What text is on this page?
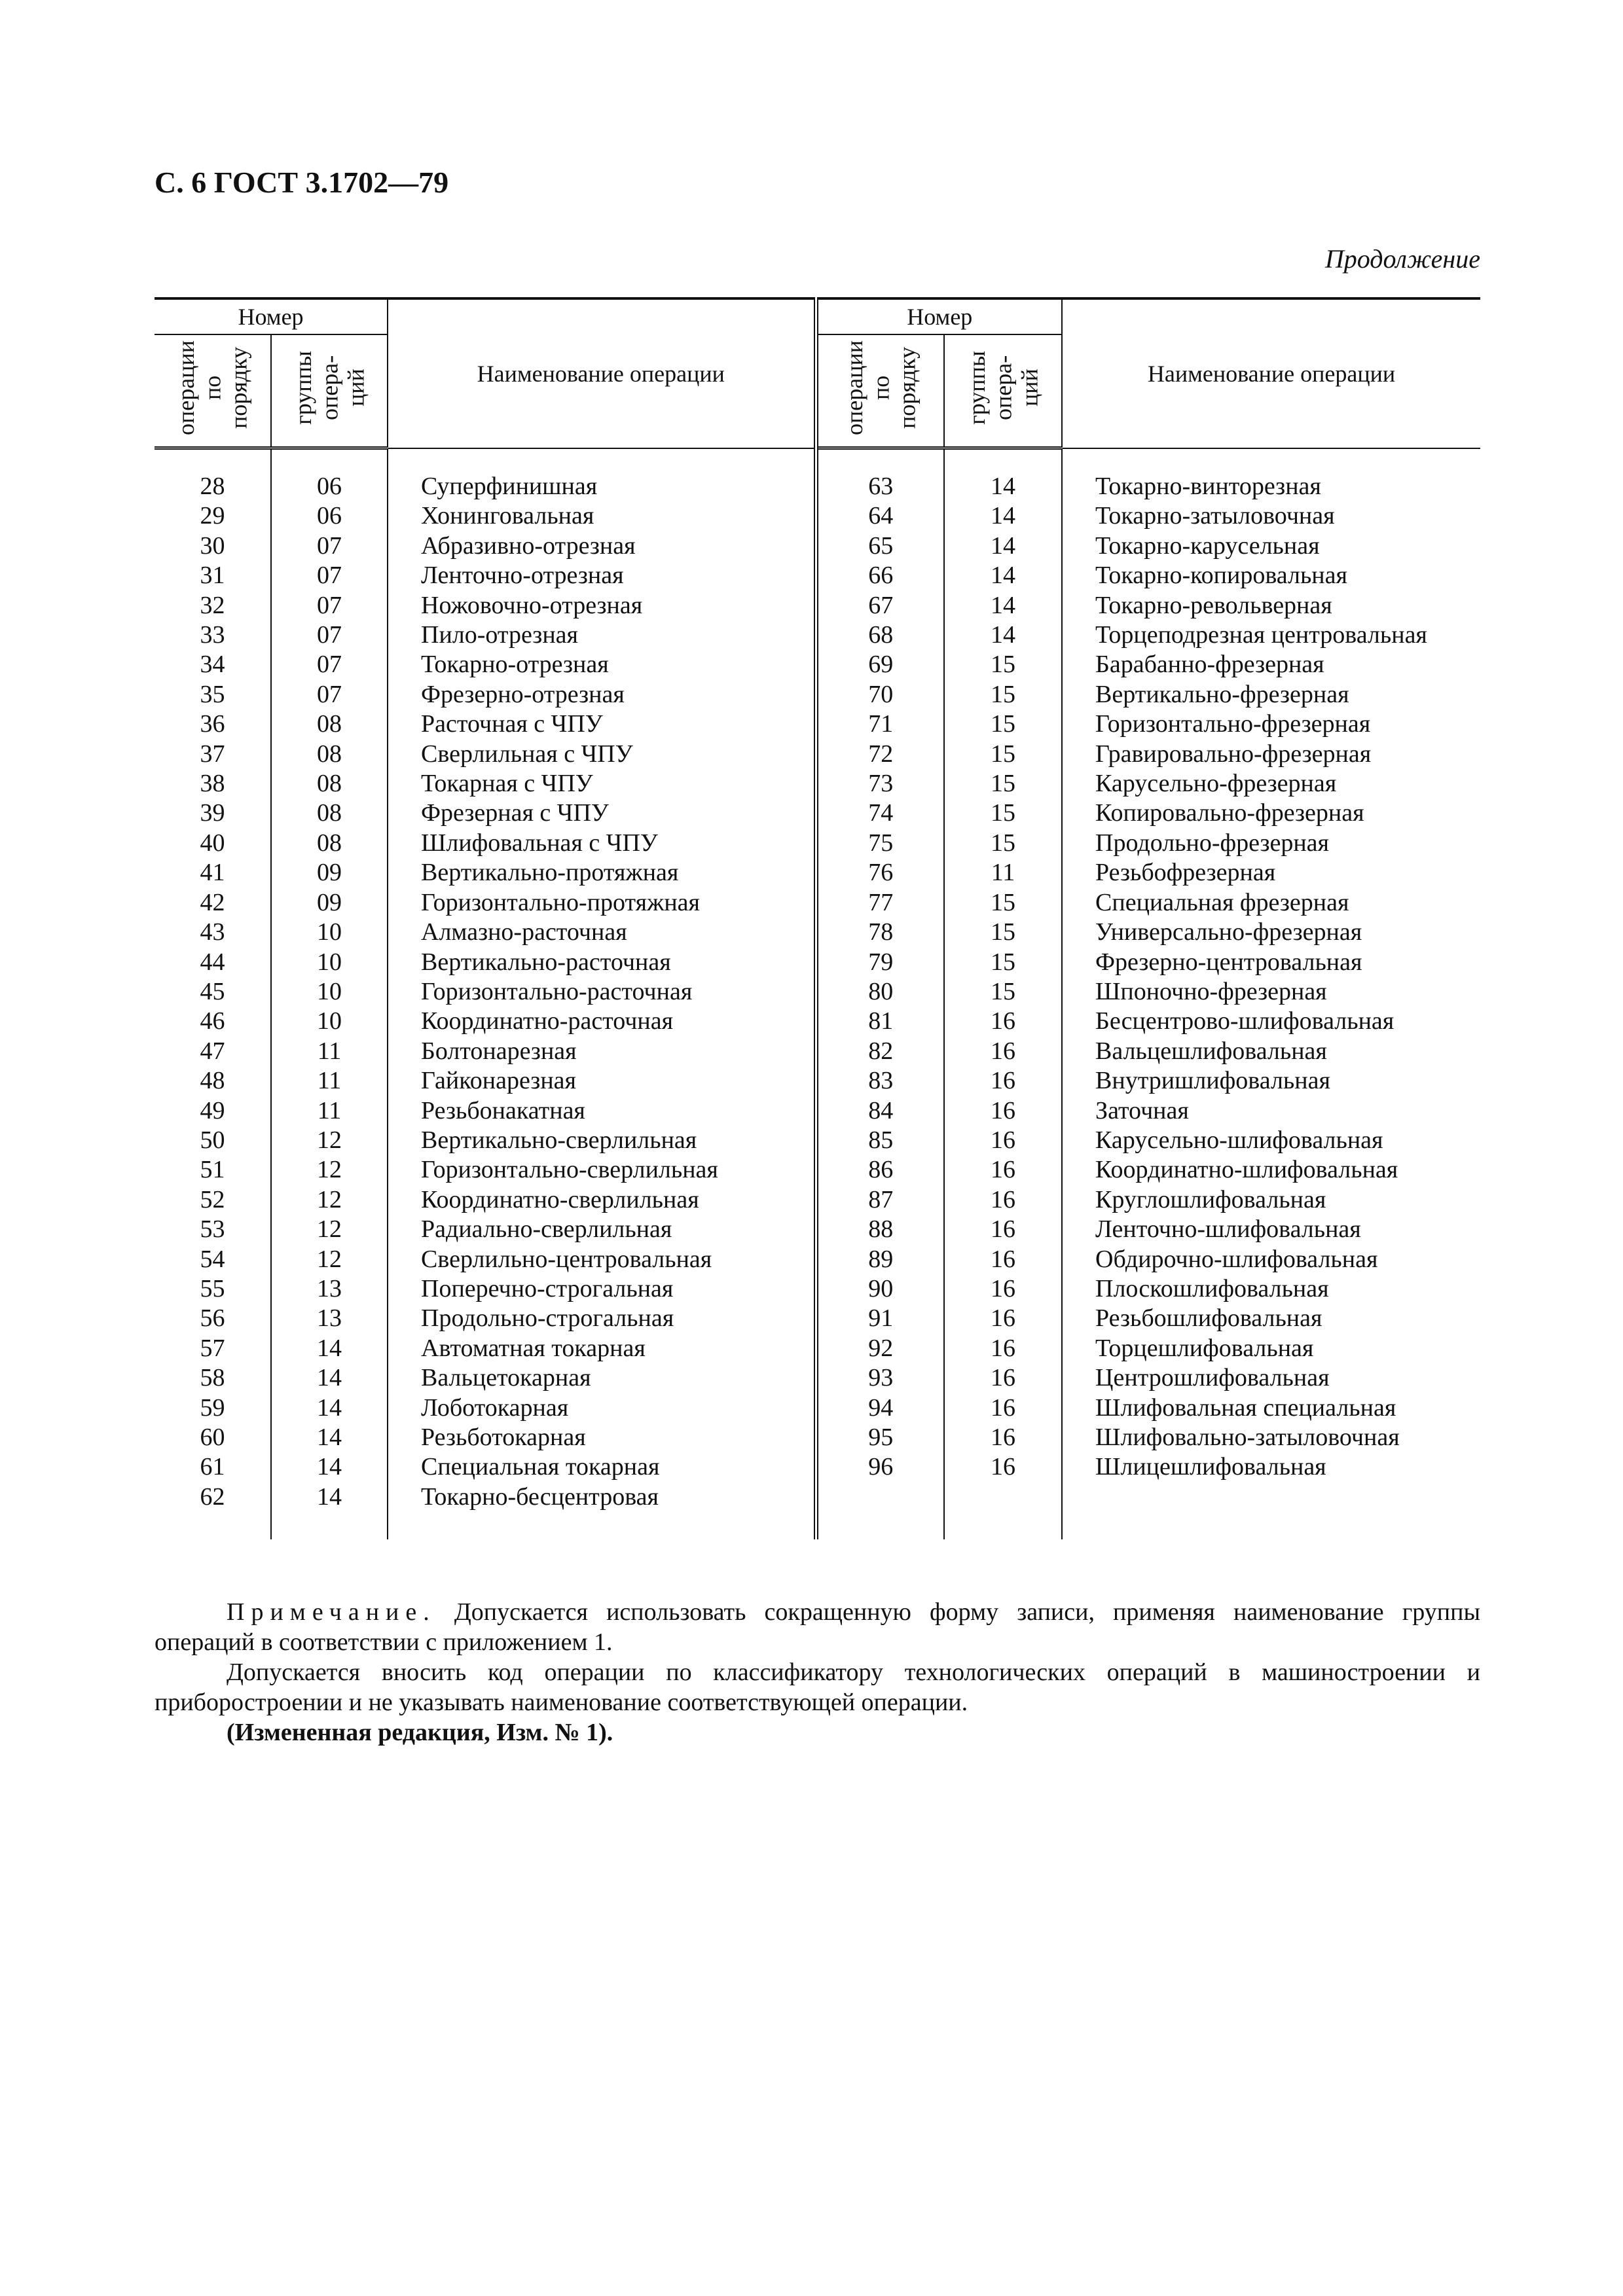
С. 6 ГОСТ 3.1702—79
Продолжение
Номер		Наименование операции	Номер		Наименование операции

операции по порядку	группы опера- ций		операции по порядку	группы опера- ций	

28	06	Суперфинишная	63	14	Токарно-винторезная
29	06	Хонинговальная	64	14	Токарно-затыловочная
30	07	Абразивно-отрезная	65	14	Токарно-карусельная
31	07	Ленточно-отрезная	66	14	Токарно-копировальная
32	07	Ножовочно-отрезная	67	14	Токарно-револьверная
33	07	Пило-отрезная	68	14	Торцеподрезная центровальная
34	07	Токарно-отрезная	69	15	Барабанно-фрезерная
35	07	Фрезерно-отрезная	70	15	Вертикально-фрезерная
36	08	Расточная с ЧПУ	71	15	Горизонтально-фрезерная
37	08	Сверлильная с ЧПУ	72	15	Гравировально-фрезерная
38	08	Токарная с ЧПУ	73	15	Карусельно-фрезерная
39	08	Фрезерная с ЧПУ	74	15	Копировально-фрезерная
40	08	Шлифовальная с ЧПУ	75	15	Продольно-фрезерная
41	09	Вертикально-протяжная	76	11	Резьбофрезерная
42	09	Горизонтально-протяжная	77	15	Специальная фрезерная
43	10	Алмазно-расточная	78	15	Универсально-фрезерная
44	10	Вертикально-расточная	79	15	Фрезерно-центровальная
45	10	Горизонтально-расточная	80	15	Шпоночно-фрезерная
46	10	Координатно-расточная	81	16	Бесцентрово-шлифовальная
47	11	Болтонарезная	82	16	Вальцешлифовальная
48	11	Гайконарезная	83	16	Внутришлифовальная
49	11	Резьбонакатная	84	16	Заточная
50	12	Вертикально-сверлильная	85	16	Карусельно-шлифовальная
51	12	Горизонтально-сверлильная	86	16	Координатно-шлифовальная
52	12	Координатно-сверлильная	87	16	Круглошлифовальная
53	12	Радиально-сверлильная	88	16	Ленточно-шлифовальная
54	12	Сверлильно-центровальная	89	16	Обдирочно-шлифовальная
55	13	Поперечно-строгальная	90	16	Плоскошлифовальная
56	13	Продольно-строгальная	91	16	Резьбошлифовальная
57	14	Автоматная токарная	92	16	Торцешлифовальная
58	14	Вальцетокарная	93	16	Центрошлифовальная
59	14	Лоботокарная	94	16	Шлифовальная специальная
60	14	Резьботокарная	95	16	Шлифовально-затыловочная
61	14	Специальная токарная	96	16	Шлицешлифовальная
62	14	Токарно-бесцентровая			

Примечание. Допускается использовать сокращенную форму записи, применяя наименование группы операций в соответствии с приложением 1.

Допускается вносить код операции по классификатору технологических операций в машиностроении и приборостроении и не указывать наименование соответствующей операции.

(Измененная редакция, Изм. № 1).
